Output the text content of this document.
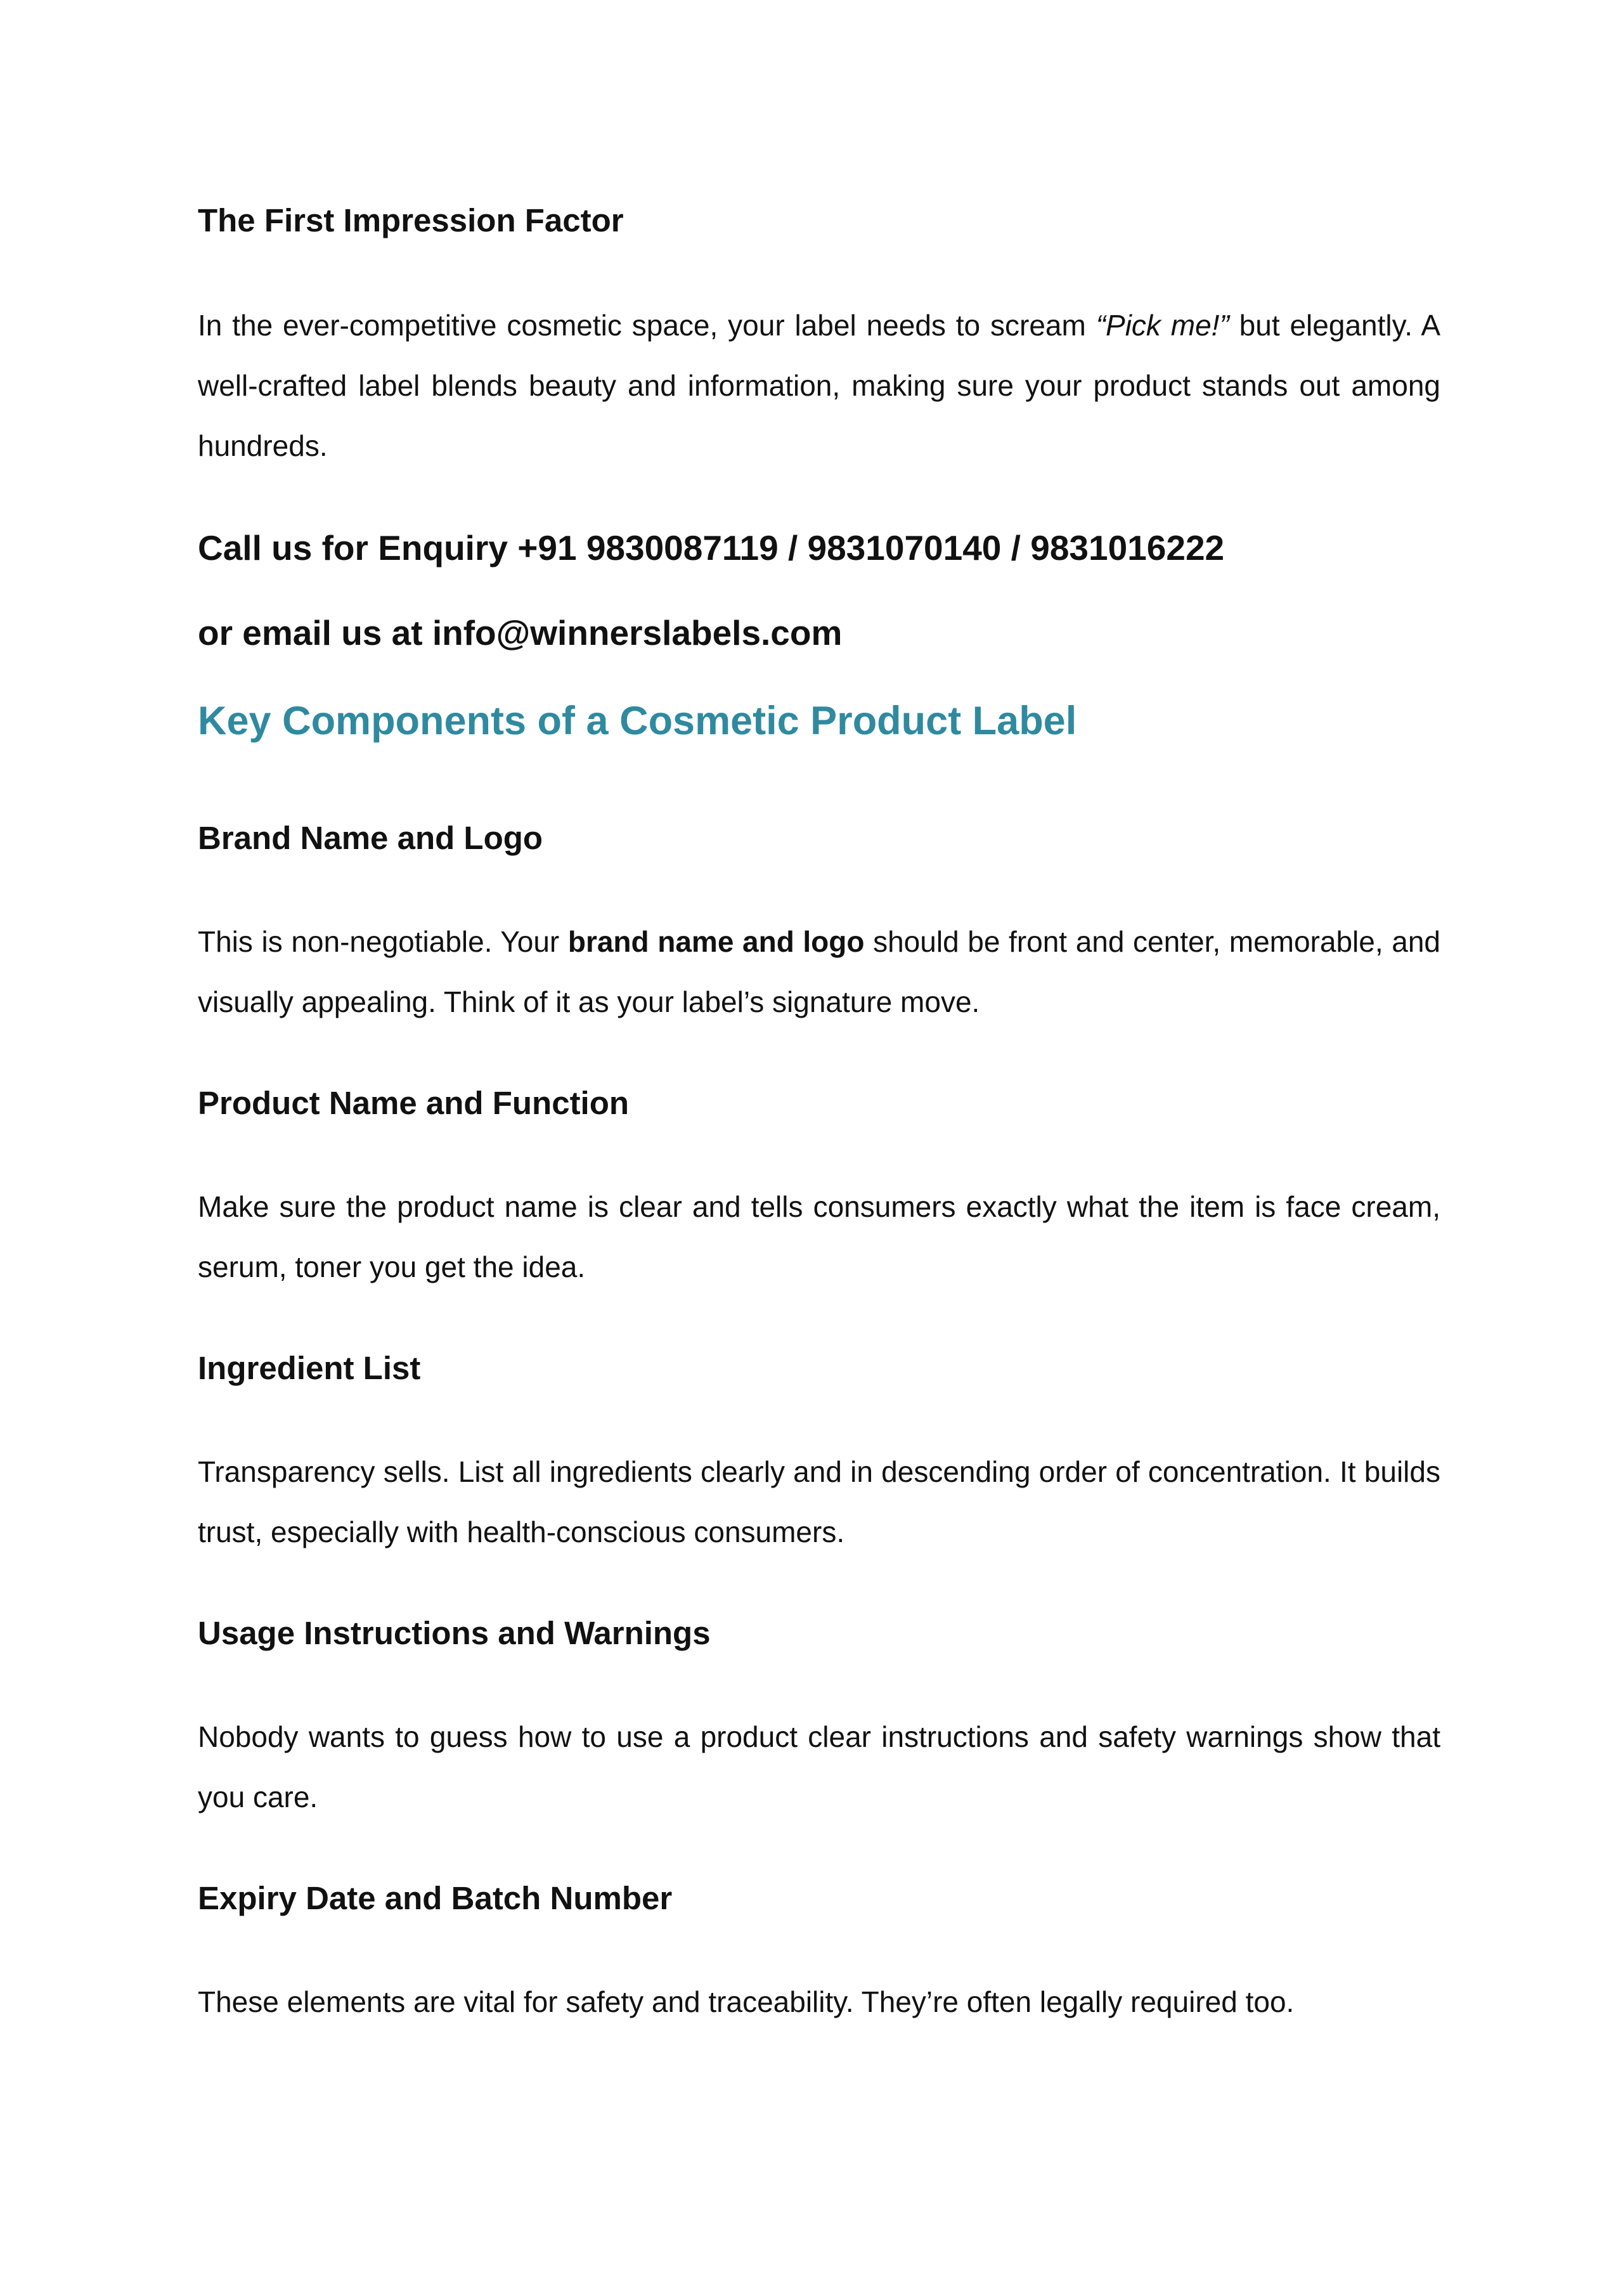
The First Impression Factor

In the ever-competitive cosmetic space, your label needs to scream “Pick me!” but elegantly. A well-crafted label blends beauty and information, making sure your product stands out among hundreds.

Call us for Enquiry +91 9830087119 / 9831070140 / 9831016222
or email us at info@winnerslabels.com
Key Components of a Cosmetic Product Label
Brand Name and Logo

This is non-negotiable. Your brand name and logo should be front and center, memorable, and visually appealing. Think of it as your label’s signature move.

Product Name and Function

Make sure the product name is clear and tells consumers exactly what the item is face cream, serum, toner you get the idea.

Ingredient List

Transparency sells. List all ingredients clearly and in descending order of concentration. It builds trust, especially with health-conscious consumers.

Usage Instructions and Warnings

Nobody wants to guess how to use a product clear instructions and safety warnings show that you care.

Expiry Date and Batch Number

These elements are vital for safety and traceability. They’re often legally required too.
